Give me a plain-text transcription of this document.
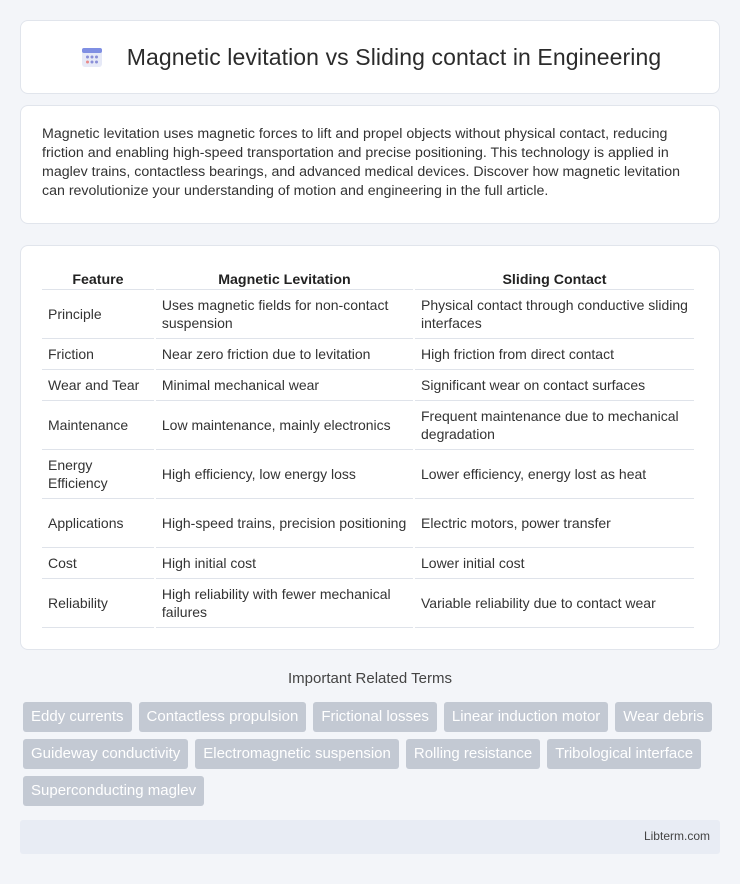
Magnetic levitation vs Sliding contact in Engineering

Magnetic levitation uses magnetic forces to lift and propel objects without physical contact, reducing friction and enabling high-speed transportation and precise positioning. This technology is applied in maglev trains, contactless bearings, and advanced medical devices. Discover how magnetic levitation can revolutionize your understanding of motion and engineering in the full article.

Feature	Magnetic Levitation	Sliding Contact
Principle	Uses magnetic fields for non-contact suspension	Physical contact through conductive sliding interfaces
Friction	Near zero friction due to levitation	High friction from direct contact
Wear and Tear	Minimal mechanical wear	Significant wear on contact surfaces
Maintenance	Low maintenance, mainly electronics	Frequent maintenance due to mechanical degradation
Energy Efficiency	High efficiency, low energy loss	Lower efficiency, energy lost as heat
Applications	High-speed trains, precision positioning	Electric motors, power transfer
Cost	High initial cost	Lower initial cost
Reliability	High reliability with fewer mechanical failures	Variable reliability due to contact wear
Important Related Terms
Eddy currents	Contactless propulsion	Frictional losses	Linear induction motor	Wear debris
Guideway conductivity	Electromagnetic suspension	Rolling resistance	Tribological interface
Superconducting maglev
Libterm.com
